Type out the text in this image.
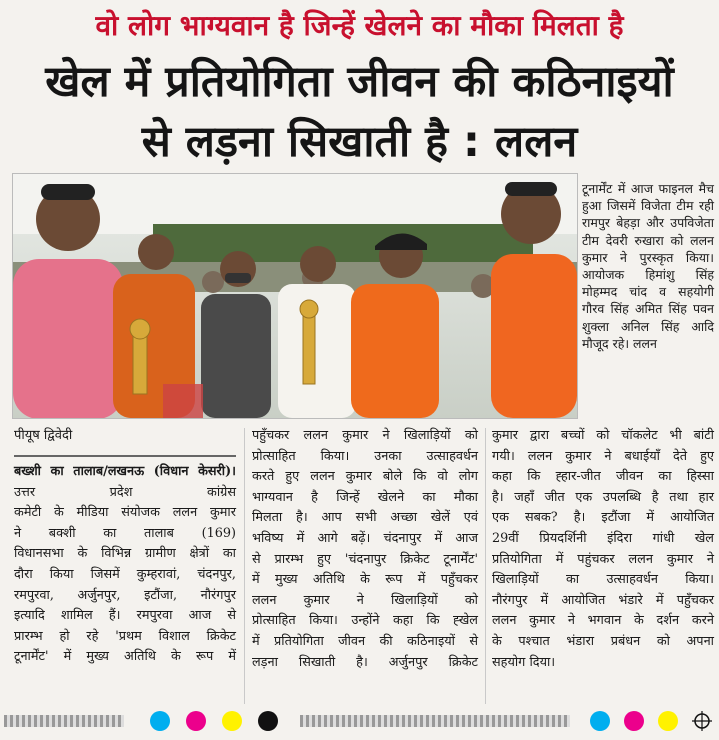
वो लोग भाग्यवान है जिन्हें खेलने का मौका मिलता है
खेल में प्रतियोगिता जीवन की कठिनाइयों
से लड़ना सिखाती है : ललन
टूनार्मेंट में आज फाइनल मैच हुआ जिसमें विजेता टीम रही रामपुर बेहड़ा और उपविजेता टीम देवरी रुखारा को ललन कुमार ने पुरस्कृत किया। आयोजक हिमांशु सिंह मोहम्मद चांद व सहयोगी गौरव सिंह अमित सिंह पवन शुक्ला अनिल सिंह आदि मौजूद रहे। ललन
पीयूष द्विवेदी
बख्शी का तालाब/लखनऊ (विधान केसरी)।
उत्तर प्रदेश कांग्रेस
कमेटी के मीडिया संयोजक ललन कुमार
ने बक्शी का तालाब (169)
विधानसभा के विभिन्न ग्रामीण क्षेत्रों का
दौरा किया जिसमें कुम्हरावां, चंदनपुर,
रमपुरवा, अर्जुनपुर, इटौंजा, नौरंगपुर
इत्यादि शामिल हैं। रमपुरवा आज से
प्रारम्भ हो रहे 'प्रथम विशाल क्रिकेट
टूनार्मेंट' में मुख्य अतिथि के रूप में
पहुँचकर ललन कुमार ने खिलाड़ियों को
प्रोत्साहित किया। उनका उत्साहवर्धन
करते हुए ललन कुमार बोले कि वो लोग
भाग्यवान है जिन्हें खेलने का मौका
मिलता है। आप सभी अच्छा खेलें एवं
भविष्य में आगे बढ़ें। चंदनापुर में आज
से प्रारम्भ हुए 'चंदनापुर क्रिकेट टूनार्मेंट'
में मुख्य अतिथि के रूप में पहुँचकर
ललन कुमार ने खिलाड़ियों को
प्रोत्साहित किया। उन्होंने कहा कि ह्खेल
में प्रतियोगिता जीवन की कठिनाइयों से
लड़ना सिखाती है। अर्जुनपुर क्रिकेट
कुमार द्वारा बच्चों को चॉकलेट भी बांटी
गयी। ललन कुमार ने बधाईयाँ देते हुए
कहा कि ह्हार-जीत जीवन का हिस्सा
है। जहाँ जीत एक उपलब्धि है तथा हार
एक सबक? है। इटौंजा में आयोजित
29वीं प्रियदर्शिनी इंदिरा गांधी खेल
प्रतियोगिता में पहुंचकर ललन कुमार ने
खिलाड़ियों का उत्साहवर्धन किया।
नौरंगपुर में आयोजित भंडारे में पहुँचकर
ललन कुमार ने भगवान के दर्शन करने
के पश्चात भंडारा प्रबंधन को अपना
सहयोग दिया।
